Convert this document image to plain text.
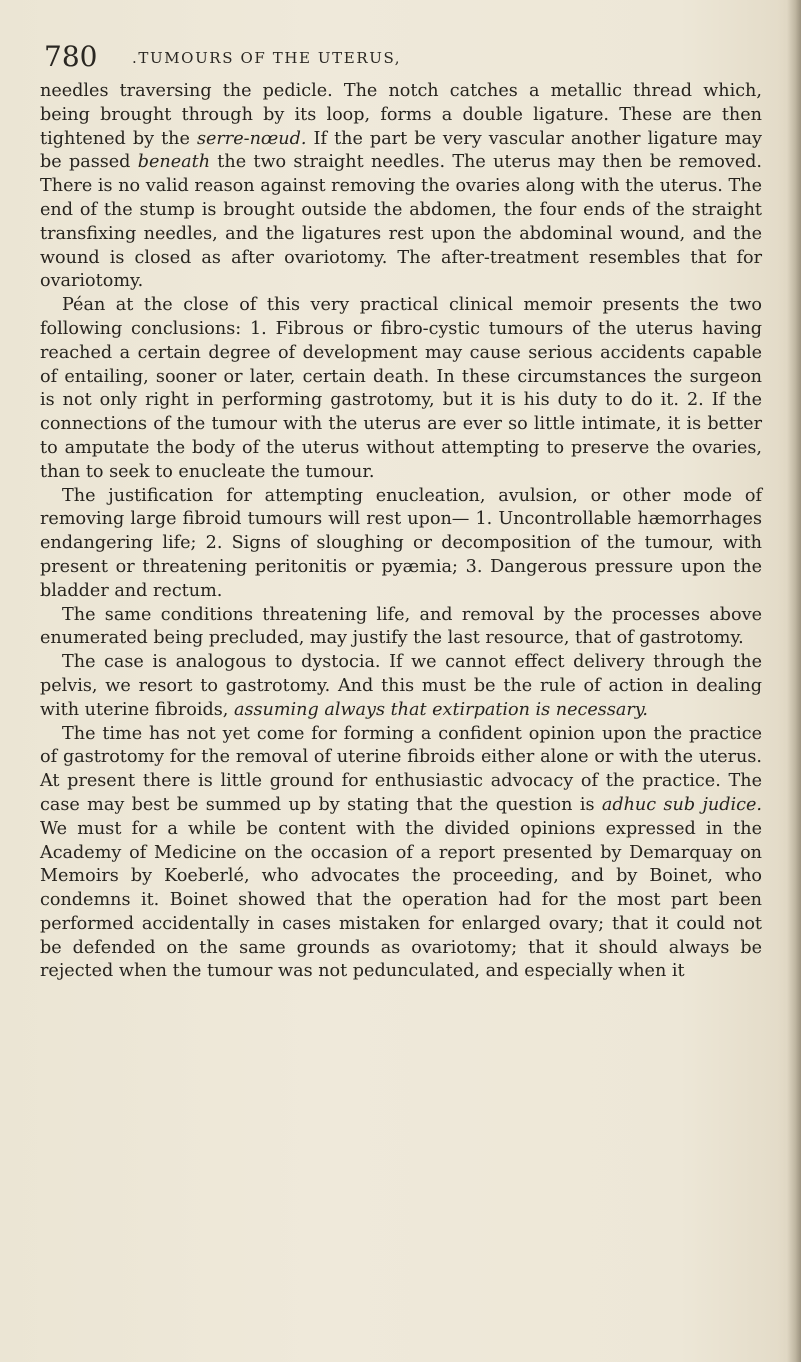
780 .TUMOURS OF THE UTERUS,

needles traversing the pedicle. The notch catches a metallic thread which, being brought through by its loop, forms a double ligature. These are then tightened by the serre-nœud. If the part be very vascular another ligature may be passed beneath the two straight needles. The uterus may then be removed. There is no valid reason against removing the ovaries along with the uterus. The end of the stump is brought outside the abdomen, the four ends of the straight transfixing needles, and the ligatures rest upon the abdominal wound, and the wound is closed as after ovariotomy. The after-treatment resembles that for ovariotomy.

Péan at the close of this very practical clinical memoir presents the two following conclusions: 1. Fibrous or fibro-cystic tumours of the uterus having reached a certain degree of development may cause serious accidents capable of entailing, sooner or later, certain death. In these circumstances the surgeon is not only right in performing gastrotomy, but it is his duty to do it. 2. If the connections of the tumour with the uterus are ever so little intimate, it is better to amputate the body of the uterus without attempting to preserve the ovaries, than to seek to enucleate the tumour.

The justification for attempting enucleation, avulsion, or other mode of removing large fibroid tumours will rest upon— 1. Uncontrollable hæmorrhages endangering life; 2. Signs of sloughing or decomposition of the tumour, with present or threatening peritonitis or pyæmia; 3. Dangerous pressure upon the bladder and rectum.

The same conditions threatening life, and removal by the processes above enumerated being precluded, may justify the last resource, that of gastrotomy.

The case is analogous to dystocia. If we cannot effect delivery through the pelvis, we resort to gastrotomy. And this must be the rule of action in dealing with uterine fibroids, assuming always that extirpation is necessary.

The time has not yet come for forming a confident opinion upon the practice of gastrotomy for the removal of uterine fibroids either alone or with the uterus. At present there is little ground for enthusiastic advocacy of the practice. The case may best be summed up by stating that the question is adhuc sub judice. We must for a while be content with the divided opinions expressed in the Academy of Medicine on the occasion of a report presented by Demarquay on Memoirs by Koeberlé, who advocates the proceeding, and by Boinet, who condemns it. Boinet showed that the operation had for the most part been performed accidentally in cases mistaken for enlarged ovary; that it could not be defended on the same grounds as ovariotomy; that it should always be rejected when the tumour was not pedunculated, and especially when it
